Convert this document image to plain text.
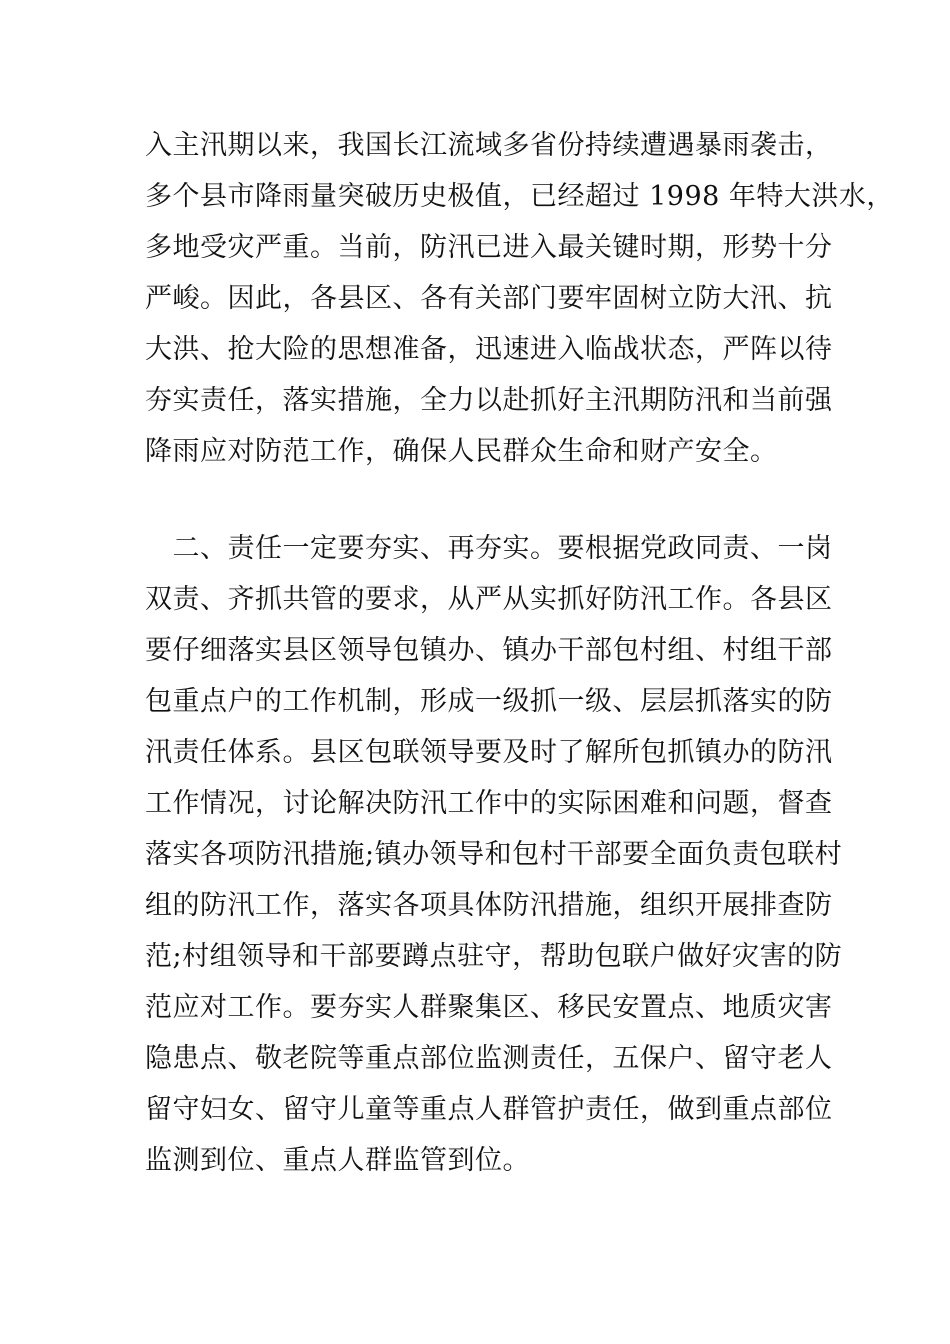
入主汛期以来，我国长江流域多省份持续遭遇暴雨袭击，
多个县市降雨量突破历史极值，已经超过 1998 年特大洪水，
多地受灾严重。当前，防汛已进入最关键时期，形势十分
严峻。因此，各县区、各有关部门要牢固树立防大汛、抗
大洪、抢大险的思想准备，迅速进入临战状态，严阵以待
夯实责任，落实措施，全力以赴抓好主汛期防汛和当前强
降雨应对防范工作，确保人民群众生命和财产安全。

　二、责任一定要夯实、再夯实。要根据党政同责、一岗
双责、齐抓共管的要求，从严从实抓好防汛工作。各县区
要仔细落实县区领导包镇办、镇办干部包村组、村组干部
包重点户的工作机制，形成一级抓一级、层层抓落实的防
汛责任体系。县区包联领导要及时了解所包抓镇办的防汛
工作情况，讨论解决防汛工作中的实际困难和问题，督查
落实各项防汛措施;镇办领导和包村干部要全面负责包联村
组的防汛工作，落实各项具体防汛措施，组织开展排查防
范;村组领导和干部要蹲点驻守，帮助包联户做好灾害的防
范应对工作。要夯实人群聚集区、移民安置点、地质灾害
隐患点、敬老院等重点部位监测责任，五保户、留守老人
留守妇女、留守儿童等重点人群管护责任，做到重点部位
监测到位、重点人群监管到位。
